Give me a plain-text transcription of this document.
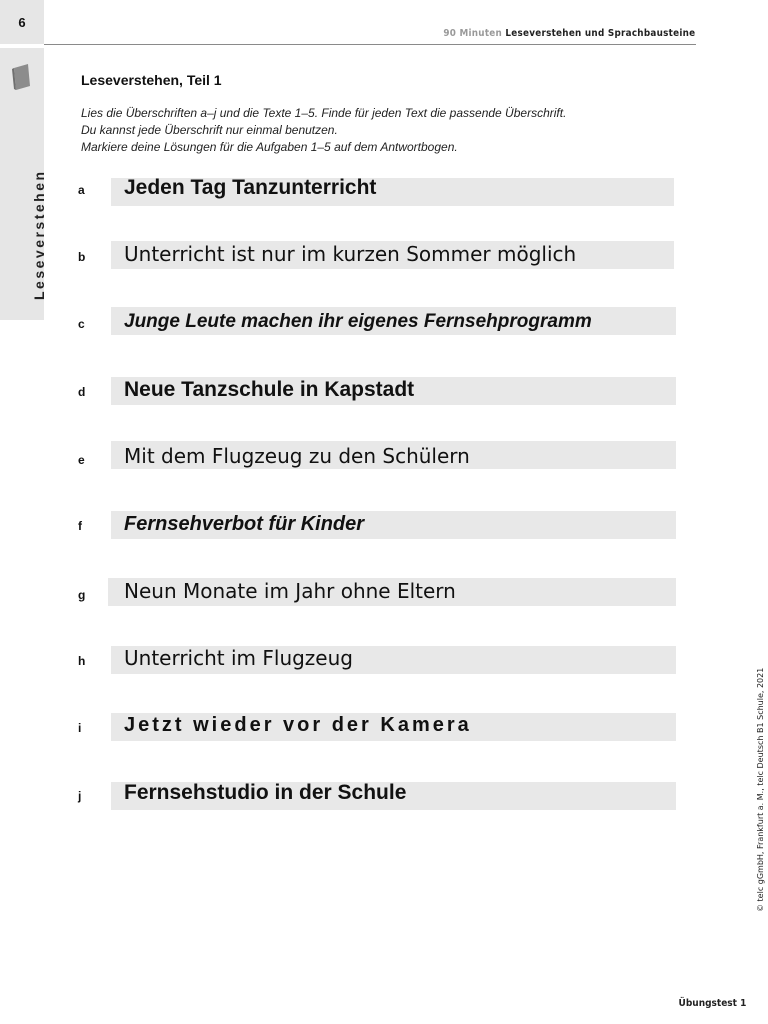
6
Leseverstehen
90 Minuten Leseverstehen und Sprachbausteine
Leseverstehen, Teil 1
Lies die Überschriften a–j und die Texte 1–5. Finde für jeden Text die passende Überschrift.
Du kannst jede Überschrift nur einmal benutzen.
Markiere deine Lösungen für die Aufgaben 1–5 auf dem Antwortbogen.
a Jeden Tag Tanzunterricht
b Unterricht ist nur im kurzen Sommer möglich
c Junge Leute machen ihr eigenes Fernsehprogramm
d Neue Tanzschule in Kapstadt
e Mit dem Flugzeug zu den Schülern
f Fernsehverbot für Kinder
g Neun Monate im Jahr ohne Eltern
h Unterricht im Flugzeug
i Jetzt wieder vor der Kamera
j Fernsehstudio in der Schule	© telc gGmbH, Frankfurt a. M., telc Deutsch B1 Schule, 2021
Übungstest 1
